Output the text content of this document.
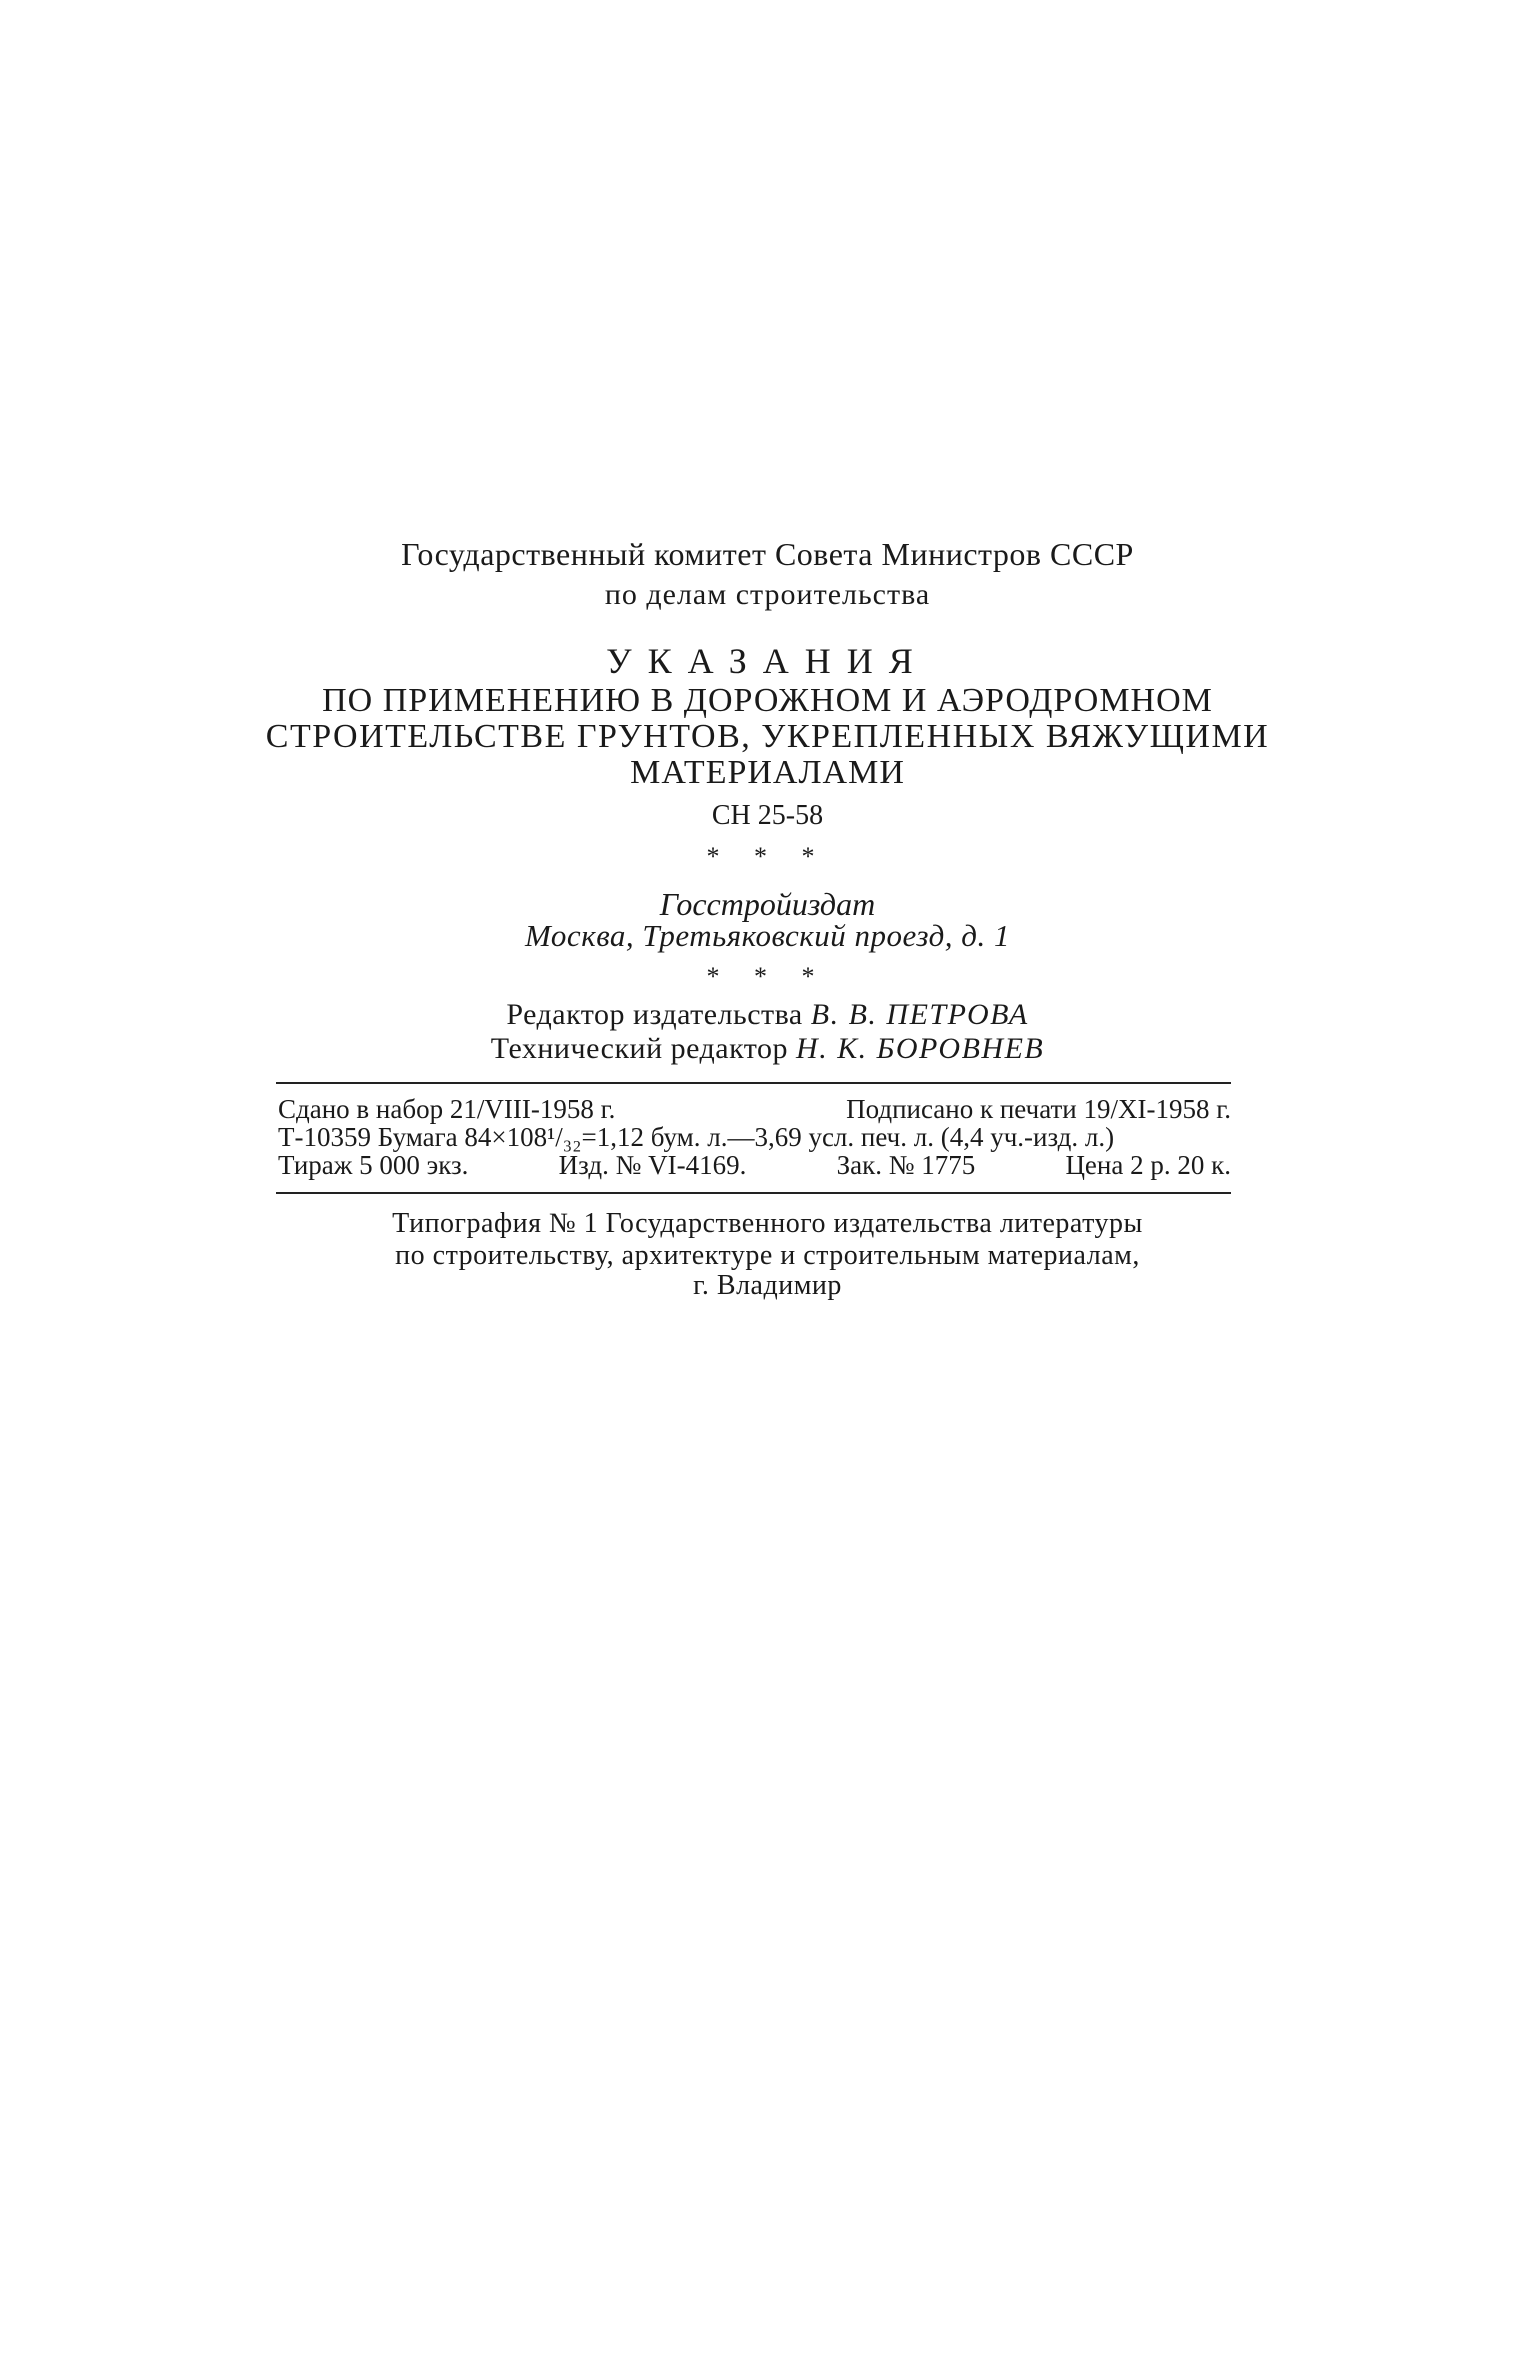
Государственный комитет Совета Министров СССР
по делам строительства
УКАЗАНИЯ
ПО ПРИМЕНЕНИЮ В ДОРОЖНОМ И АЭРОДРОМНОМ
СТРОИТЕЛЬСТВЕ ГРУНТОВ, УКРЕПЛЕННЫХ ВЯЖУЩИМИ
МАТЕРИАЛАМИ
СН 25-58
* * *
Госстройиздат
Москва, Третьяковский проезд, д. 1
* * *
Редактор издательства В. В. ПЕТРОВА
Технический редактор Н. К. БОРОВНЕВ
Сдано в набор 21/VIII-1958 г.	Подписано к печати 19/XI-1958 г.
Т-10359 Бумага 84×108¹/₃₂=1,12 бум. л.—3,69 усл. печ. л. (4,4 уч.-изд. л.)
Тираж 5 000 экз.	Изд. № VI-4169.	Зак. № 1775	Цена 2 р. 20 к.
Типография № 1 Государственного издательства литературы
по строительству, архитектуре и строительным материалам,
г. Владимир
